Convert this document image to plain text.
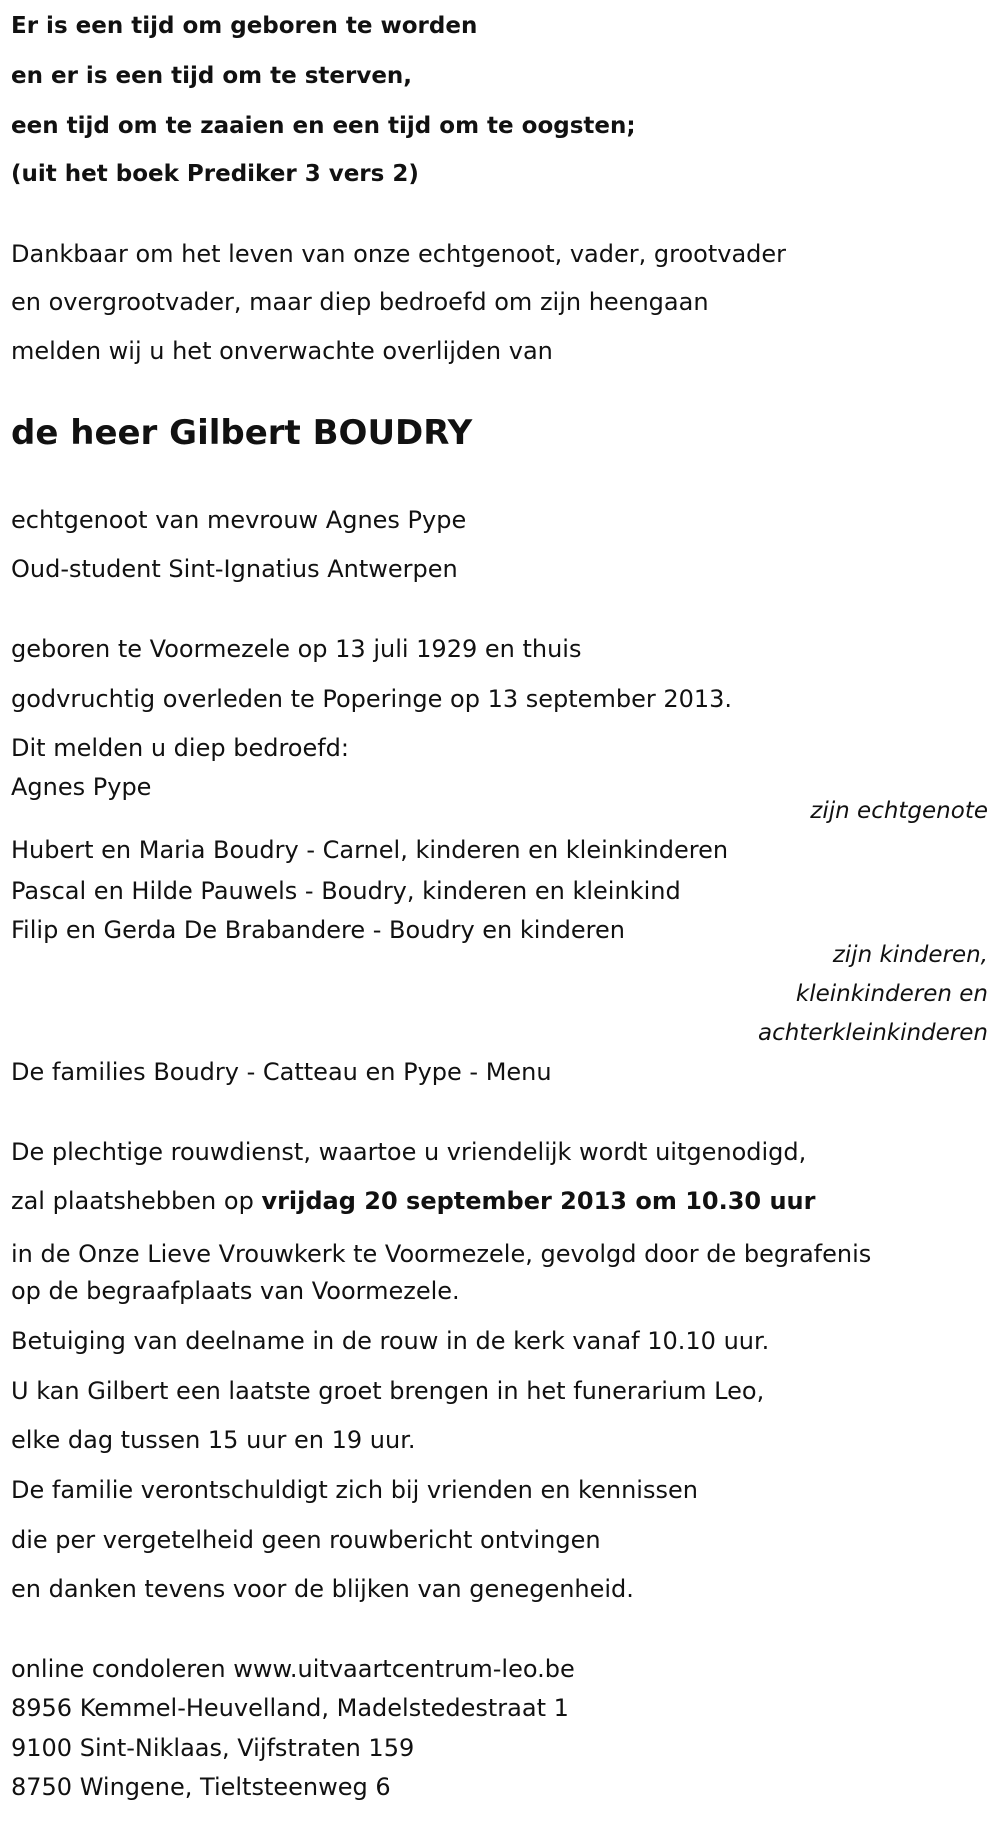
Er is een tijd om geboren te worden
en er is een tijd om te sterven,
een tijd om te zaaien en een tijd om te oogsten;
(uit het boek Prediker 3 vers 2)
Dankbaar om het leven van onze echtgenoot, vader, grootvader
en overgrootvader, maar diep bedroefd om zijn heengaan
melden wij u het onverwachte overlijden van
de heer Gilbert BOUDRY
echtgenoot van mevrouw Agnes Pype
Oud-student Sint-Ignatius Antwerpen
geboren te Voormezele op 13 juli 1929 en thuis
godvruchtig overleden te Poperinge op 13 september 2013.
Dit melden u diep bedroefd:
Agnes Pype
zijn echtgenote
Hubert en Maria Boudry - Carnel, kinderen en kleinkinderen
Pascal en Hilde Pauwels - Boudry, kinderen en kleinkind
Filip en Gerda De Brabandere - Boudry en kinderen
zijn kinderen,
kleinkinderen en
achterkleinkinderen
De families Boudry - Catteau en Pype - Menu
De plechtige rouwdienst, waartoe u vriendelijk wordt uitgenodigd,
zal plaatshebben op vrijdag 20 september 2013 om 10.30 uur
in de Onze Lieve Vrouwkerk te Voormezele, gevolgd door de begrafenis
op de begraafplaats van Voormezele.
Betuiging van deelname in de rouw in de kerk vanaf 10.10 uur.
U kan Gilbert een laatste groet brengen in het funerarium Leo,
elke dag tussen 15 uur en 19 uur.
De familie verontschuldigt zich bij vrienden en kennissen
die per vergetelheid geen rouwbericht ontvingen
en danken tevens voor de blijken van genegenheid.
online condoleren www.uitvaartcentrum-leo.be
8956 Kemmel-Heuvelland, Madelstedestraat 1
9100 Sint-Niklaas, Vijfstraten 159
8750 Wingene, Tieltsteenweg 6
